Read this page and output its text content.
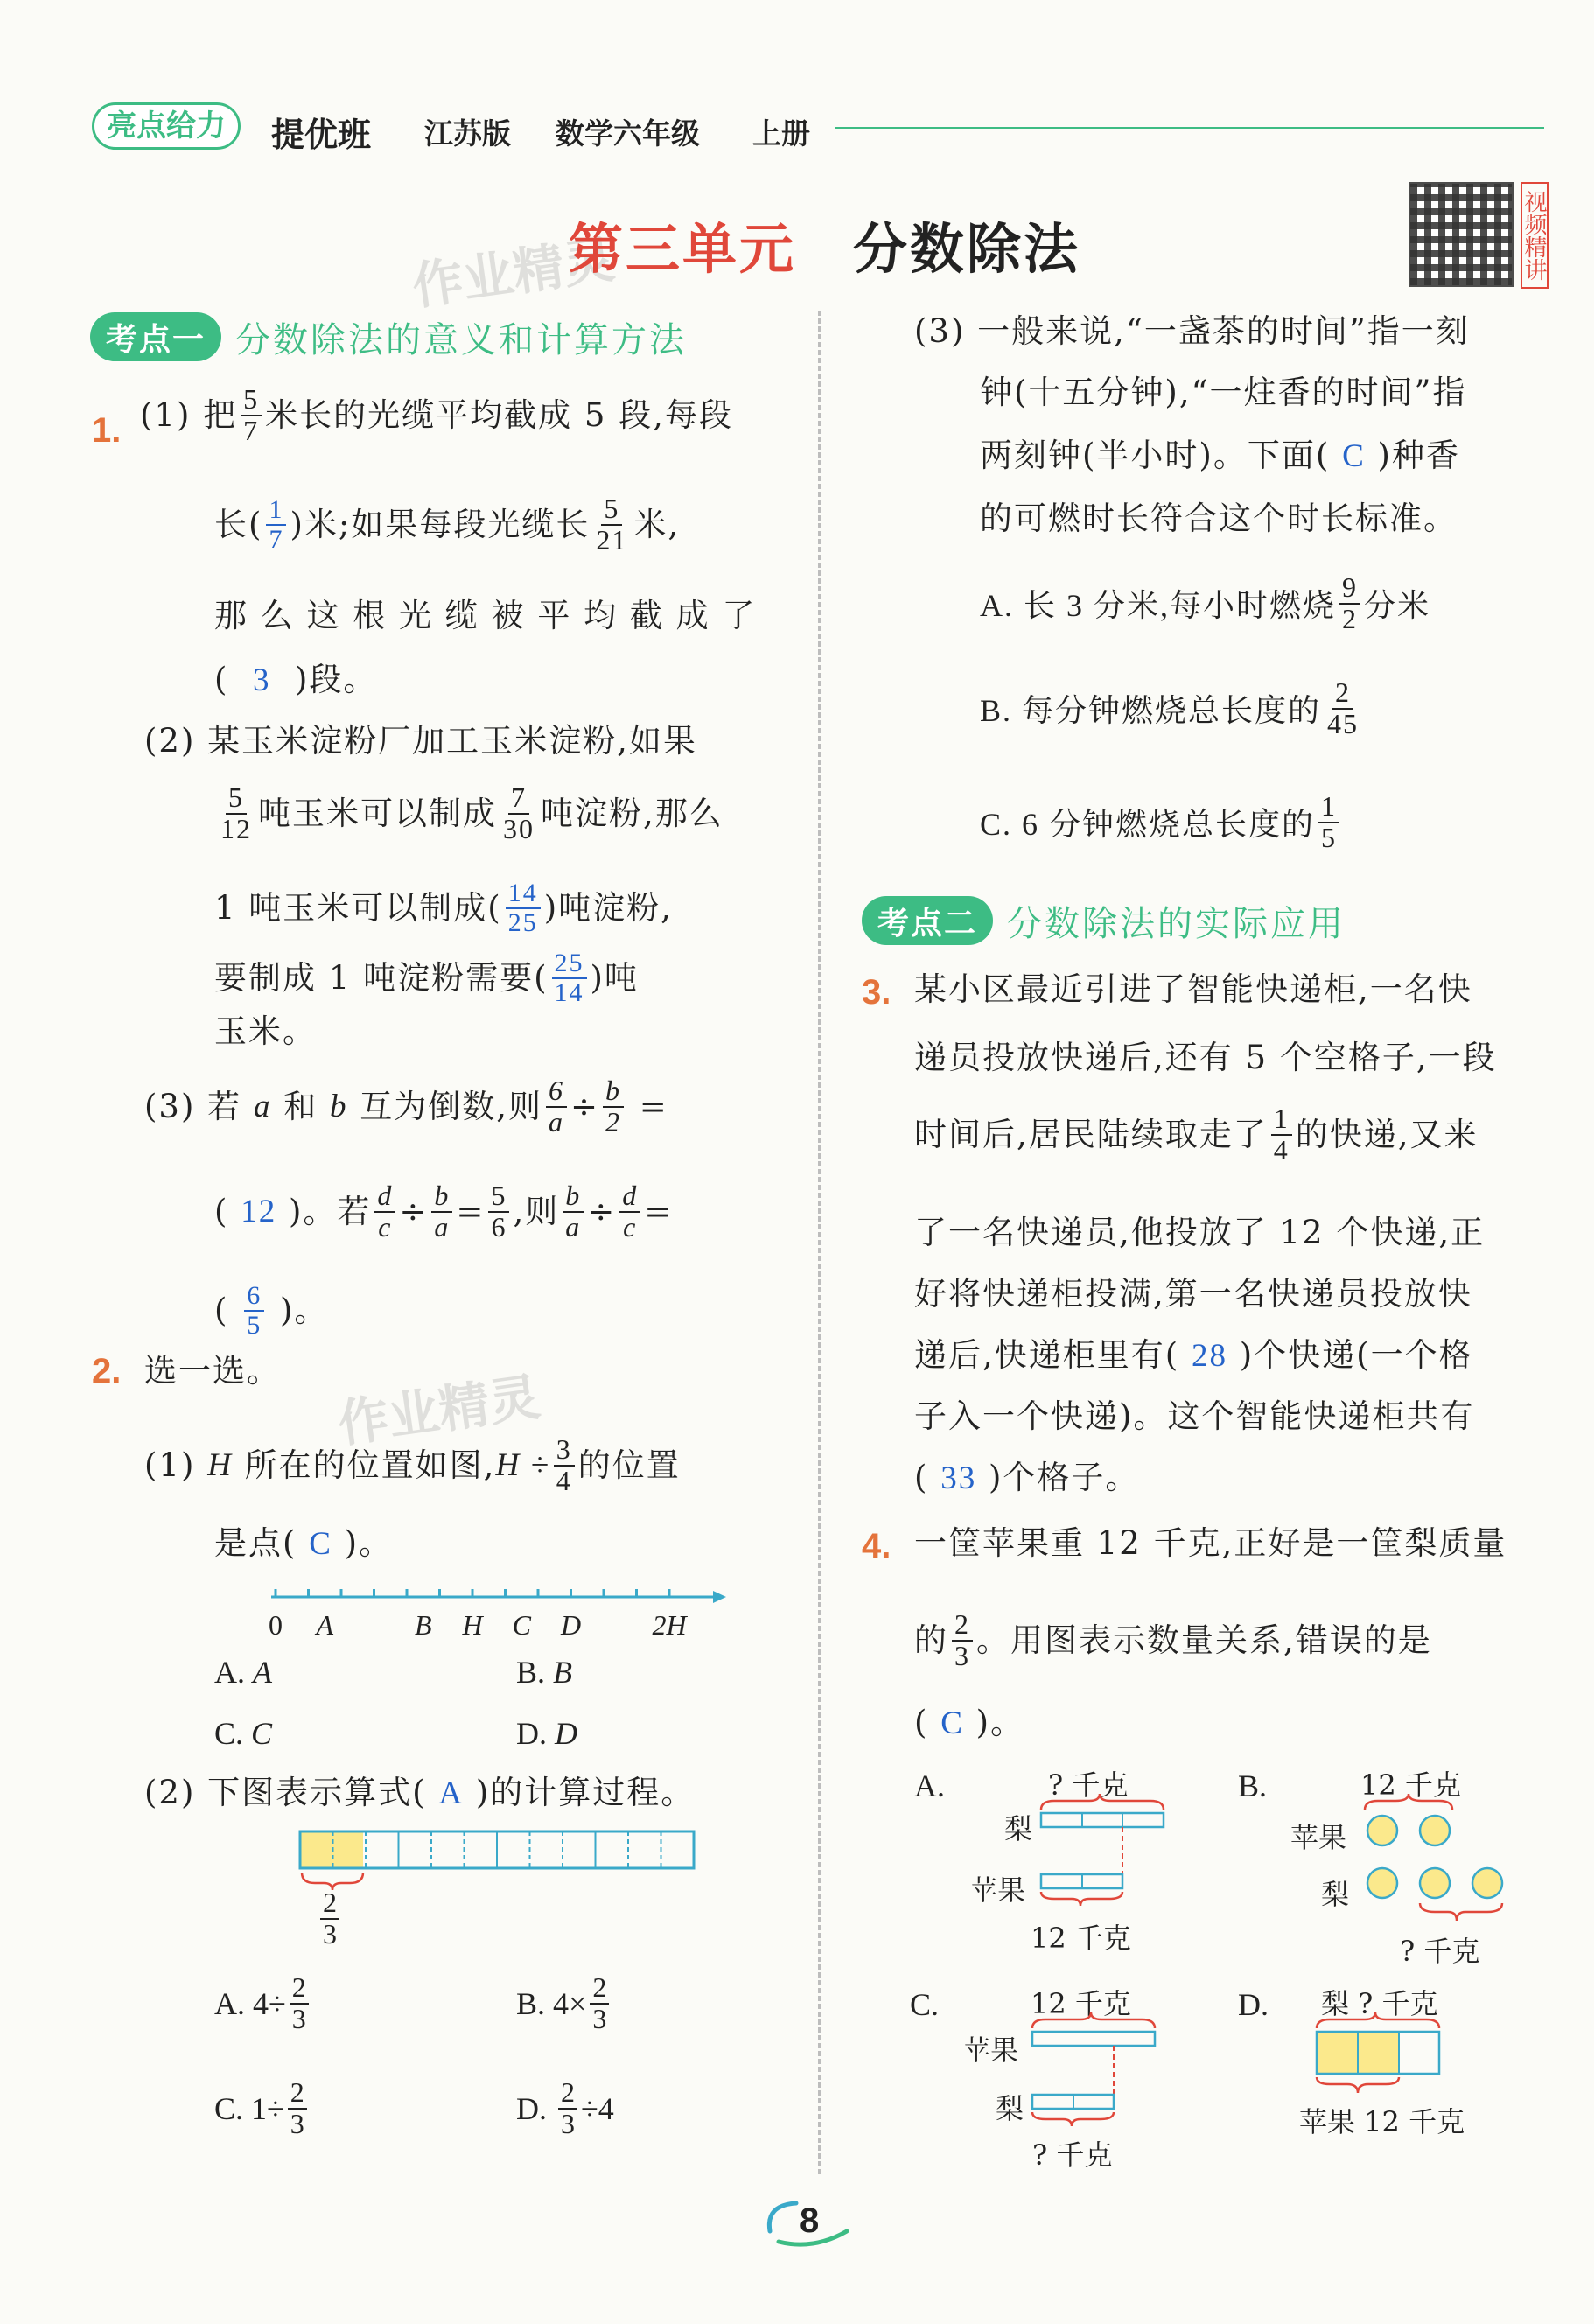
亮点给力	提优班 江苏版 数学六年级 上册
作业精灵
作业精灵
第三单元 分数除法	视频精讲
考点一 分数除法的意义和计算方法
1. (1) 把 5
7 米长的光缆平均截成 5 段,每段
长( 1
7 )米;如果每段光缆长 5
21 米,
那 么 这 根 光 缆 被 平 均 截 成 了
( 3 )段。
(2) 某玉米淀粉厂加工玉米淀粉,如果
5
12 吨玉米可以制成 7
30 吨淀粉,那么
1 吨玉米可以制成( 14
25 )吨淀粉,
要制成 1 吨淀粉需要( 25
14 )吨
玉米。
(3) 若
a
和
b
互为倒数,则 $\frac{6}{a} \div \frac{b}{2}$
=
(
12
)。若 $\frac{d}{c} \div \frac{b}{a} = \frac{5}{6}$ ,则 $\frac{b}{a} \div \frac{d}{c}$ =
(
6
5
)。
2. 选一选。
(1)
H
所在的位置如图, $H \div \frac{3}{4}$ 的位置
是点( C )。
0 A	B H C D	2H
A. A	B. B
C. C	D. D
(2) 下图表示算式( A )的计算过程。
$\frac{2}{3}$
A. $4\div \frac{2}{3}$	B. $4\times \frac{2}{3}$
C. $1\div \frac{2}{3}$	D.
$\frac{2}{3} \div 4$
(3) 一般来说,“一盏茶的时间”指一刻
钟(十五分钟),“一炷香的时间”指
两刻钟(半小时)。下面( C )种香
的可燃时长符合这个时长标准。
A. 长 3 分米,每小时燃烧
9
2 分米
B. 每分钟燃烧总长度的
2
45
C. 6 分钟燃烧总长度的
1
5
考点二 分数除法的实际应用
3. 某小区最近引进了智能快递柜,一名快
递员投放快递后,还有 5 个空格子,一段
时间后,居民陆续取走了 1
4 的快递,又来
了一名快递员,他投放了 12 个快递,正
好将快递柜投满,第一名快递员投放快
递后,快递柜里有( 28 )个快递(一个格
子入一个快递)。这个智能快递柜共有
( 33 )个格子。
4. 一筐苹果重 12 千克,正好是一筐梨质量
的 2
3 。用图表示数量关系,错误的是
( C )。
A.	? 千克
梨
苹果
12 千克
B.	12 千克
苹果
梨
? 千克
C.	12 千克
苹果
梨
? 千克
D. 梨 ? 千克
苹果 12 千克
8
